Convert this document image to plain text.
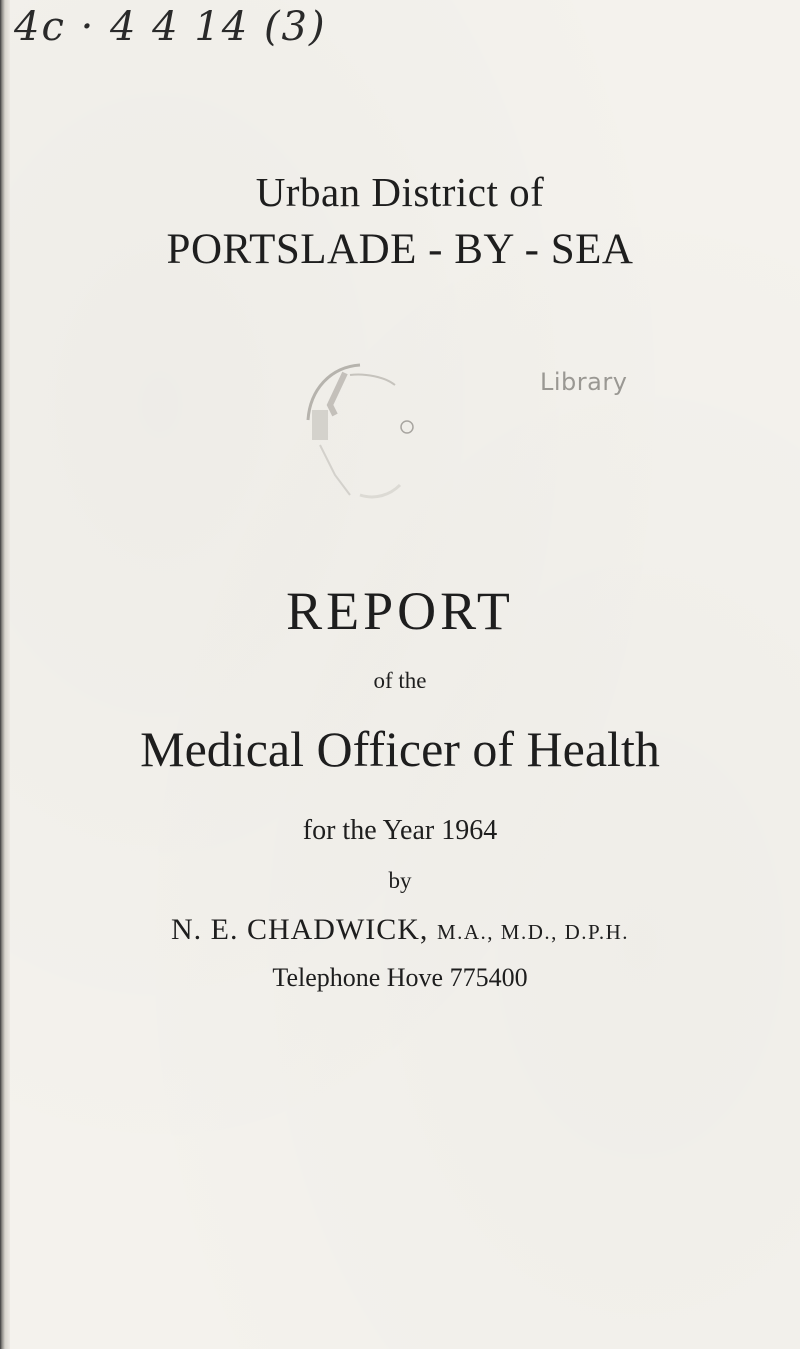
4c · 4 4 14 (3)
Urban District of
PORTSLADE - BY - SEA
Library
REPORT
of the
Medical Officer of Health
for the Year 1964
by
N. E. CHADWICK, M.A., M.D., D.P.H.
Telephone Hove 775400
